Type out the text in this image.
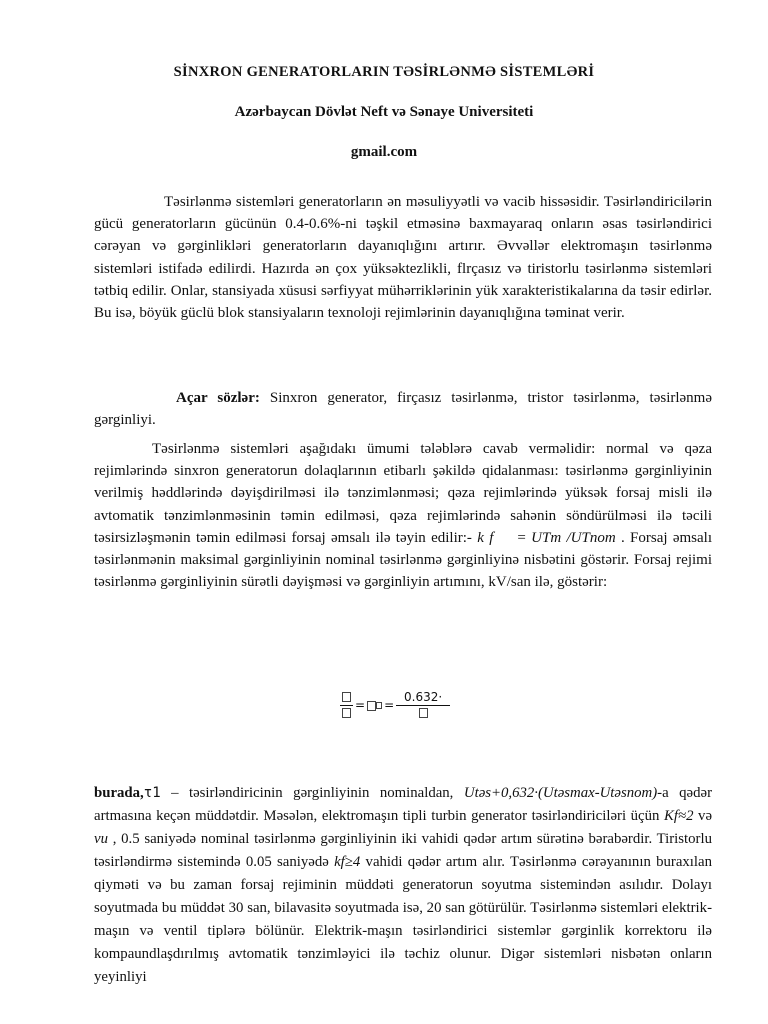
SİNXRON GENERATORLARIN TƏSİRLƏNMƏ SİSTEMLƏRİ
Azərbaycan Dövlət Neft və Sənaye Universiteti
gmail.com

Təsirlənmə sistemləri generatorların ən məsuliyyətli və vacib hissəsidir. Təsirləndiricilərin gücü generatorların gücünün 0.4-0.6%-ni təşkil etməsinə baxmayaraq onların əsas təsirləndirici cərəyan və gərginlikləri generatorların dayanıqlığını artırır. Əvvəllər elektromaşın təsirlənmə sistemləri istifadə edilirdi. Hazırda ən çox yüksəktezlikli, flrçasız və tiristorlu təsirlənmə sistemləri tətbiq edilir. Onlar, stansiyada xüsusi sərfiyyat mühərriklərinin yük xarakteristikalarına da təsir edirlər. Bu isə, böyük güclü blok stansiyaların texnoloji rejimlərinin dayanıqlığına təminat verir.

Açar sözlər: Sinxron generator, firçasız təsirlənmə, tristor təsirlənmə, təsirlənmə gərginliyi.

Təsirlənmə sistemləri aşağıdakı ümumi tələblərə cavab verməlidir: normal və qəza rejimlərində sinxron generatorun dolaqlarının etibarlı şəkildə qidalanması: təsirlənmə gərginliyinin verilmiş həddlərində dəyişdirilməsi ilə tənzimlənməsi; qəza rejimlərində yüksək forsaj misli ilə avtomatik tənzimlənməsinin təmin edilməsi, qəza rejimlərində sahənin söndürülməsi ilə təcili təsirsizləşmənin təmin edilməsi forsaj əmsalı ilə təyin edilir:- k f = UTm /UTnom . Forsaj əmsalı təsirlənmənin maksimal gərginliyinin nominal təsirlənmə gərginliyinə nisbətini göstərir. Forsaj rejimi təsirlənmə gərginliyinin sürətli dəyişməsi və gərginliyin artımını, kV/san ilə, göstərir:

= =
0.632·

burada,τ1 – təsirləndiricinin gərginliyinin nominaldan, Utəs+0,632·(Utəsmax-Utəsnom)-a qədər artmasına keçən müddətdir. Məsələn, elektromaşın tipli turbin generator təsirləndiriciləri üçün Kf≈2 və vu , 0.5 saniyədə nominal təsirlənmə gərginliyinin iki vahidi qədər artım sürətinə bərabərdir. Tiristorlu təsirləndirmə sistemində 0.05 saniyədə kf≥4 vahidi qədər artım alır. Təsirlənmə cərəyanının buraxılan qiyməti və bu zaman forsaj rejiminin müddəti generatorun soyutma sistemindən asılıdır. Dolayı soyutmada bu müddət 30 san, bilavasitə soyutmada isə, 20 san götürülür. Təsirlənmə sistemləri elektrik- maşın və ventil tiplərə bölünür. Elektrik-maşın təsirləndirici sistemlər gərginlik korrektoru ilə kompaundlaşdırılmış avtomatik tənzimləyici ilə təchiz olunur. Digər sistemləri nisbətən onların yeyinliyi
